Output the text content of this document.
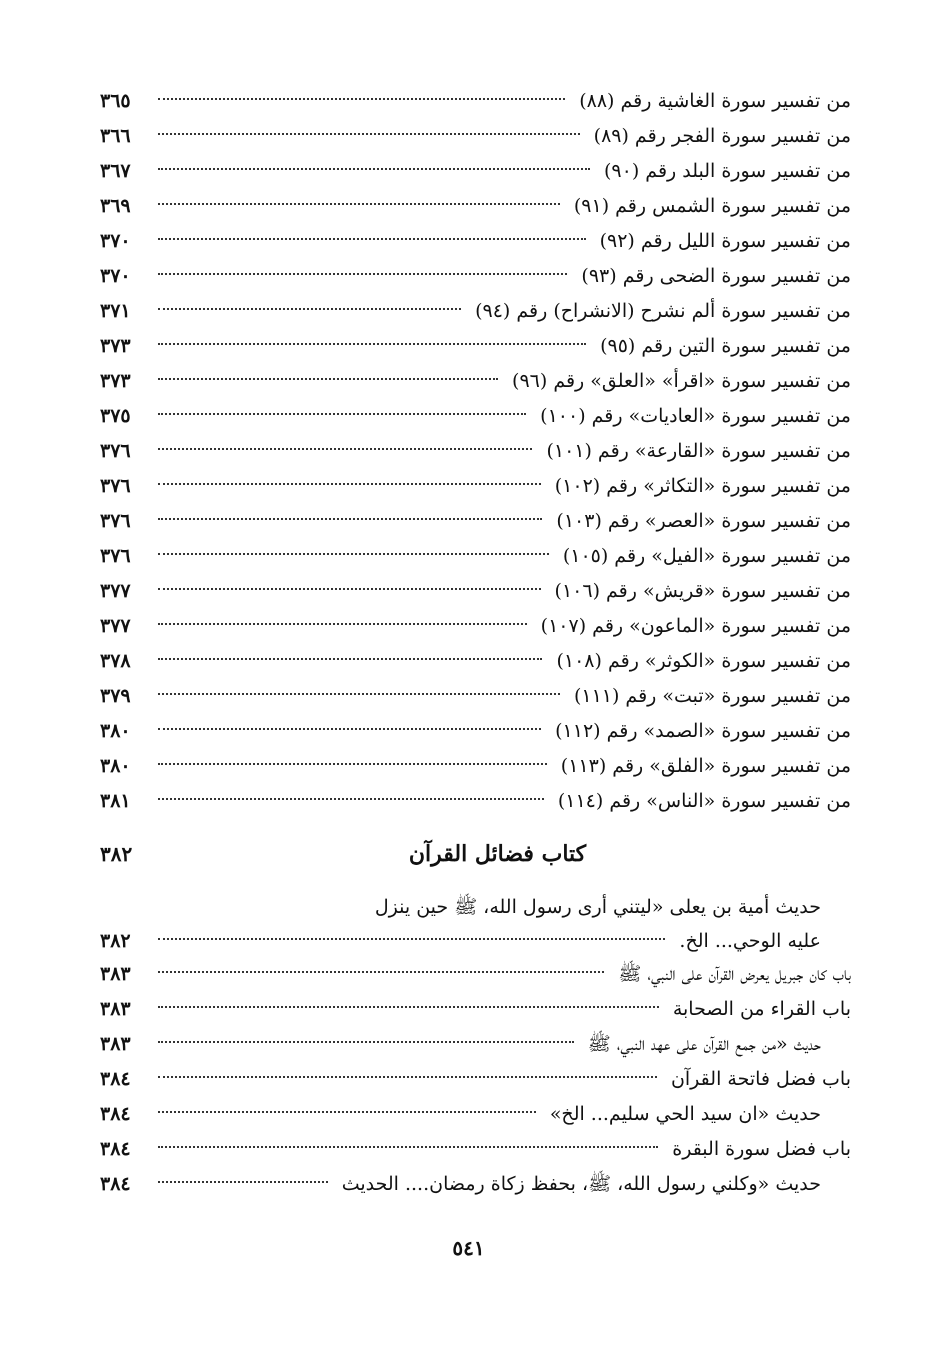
من تفسير سورة الغاشية رقم (٨٨)
٣٦٥
من تفسير سورة الفجر رقم (٨٩)
٣٦٦
من تفسير سورة البلد رقم (٩٠)
٣٦٧
من تفسير سورة الشمس رقم (٩١)
٣٦٩
من تفسير سورة الليل رقم (٩٢)
٣٧٠
من تفسير سورة الضحى رقم (٩٣)
٣٧٠
من تفسير سورة ألم نشرح (الانشراح) رقم (٩٤)
٣٧١
من تفسير سورة التين رقم (٩٥)
٣٧٣
من تفسير سورة «اقرأ» «العلق» رقم (٩٦)
٣٧٣
من تفسير سورة «العاديات» رقم (١٠٠)
٣٧٥
من تفسير سورة «القارعة» رقم (١٠١)
٣٧٦
من تفسير سورة «التكاثر» رقم (١٠٢)
٣٧٦
من تفسير سورة «العصر» رقم (١٠٣)
٣٧٦
من تفسير سورة «الفيل» رقم (١٠٥)
٣٧٦
من تفسير سورة «قريش» رقم (١٠٦)
٣٧٧
من تفسير سورة «الماعون» رقم (١٠٧)
٣٧٧
من تفسير سورة «الكوثر» رقم (١٠٨)
٣٧٨
من تفسير سورة «تبت» رقم (١١١)
٣٧٩
من تفسير سورة «الصمد» رقم (١١٢)
٣٨٠
من تفسير سورة «الفلق» رقم (١١٣)
٣٨٠
من تفسير سورة «الناس» رقم (١١٤)
٣٨١
كتاب فضائل القرآن
٣٨٢
حديث أمية بن يعلى «ليتني أرى رسول الله، ﷺ حين ينزل
عليه الوحي... الخ.
٣٨٢
باب كان جبريل يعرض القرآن على النبي، ﷺ
٣٨٣
باب القراء من الصحابة
٣٨٣
حديث «من جمع القرآن على عهد النبي، ﷺ
٣٨٣
باب فضل فاتحة القرآن
٣٨٤
حديث «ان سيد الحي سليم... الخ»
٣٨٤
باب فضل سورة البقرة
٣٨٤
حديث «وكلني رسول الله، ﷺ، بحفظ زكاة رمضان.... الحديث
٣٨٤
٥٤١
